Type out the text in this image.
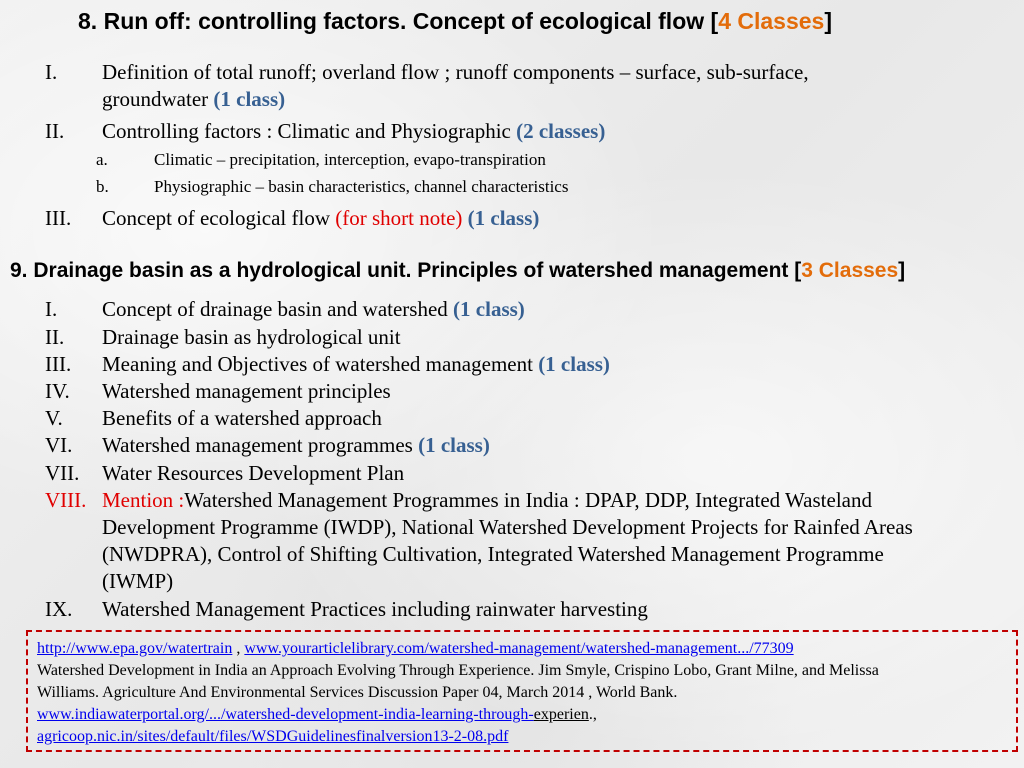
8. Run off: controlling factors. Concept of ecological flow [4 Classes]
I. Definition of total runoff; overland flow ; runoff components – surface, sub-surface,
groundwater (1 class)
II. Controlling factors : Climatic and Physiographic (2 classes)
a.	Climatic – precipitation, interception, evapo-transpiration
b.	Physiographic – basin characteristics, channel characteristics
III. Concept of ecological flow (for short note) (1 class)
9. Drainage basin as a hydrological unit. Principles of watershed management [3 Classes]
I. Concept of drainage basin and watershed (1 class)
II. Drainage basin as hydrological unit
III. Meaning and Objectives of watershed management (1 class)
IV. Watershed management principles
V. Benefits of a watershed approach
VI. Watershed management programmes (1 class)
VII. Water Resources Development Plan
VIII. Mention :Watershed Management Programmes in India : DPAP, DDP, Integrated Wasteland
Development Programme (IWDP), National Watershed Development Projects for Rainfed Areas
(NWDPRA), Control of Shifting Cultivation, Integrated Watershed Management Programme
(IWMP)
IX. Watershed Management Practices including rainwater harvesting
http://www.epa.gov/watertrain , www.yourarticlelibrary.com/watershed-management/watershed-management.../77309
Watershed Development in India an Approach Evolving Through Experience. Jim Smyle, Crispino Lobo, Grant Milne, and Melissa
Williams. Agriculture And Environmental Services Discussion Paper 04, March 2014 , World Bank.
www.indiawaterportal.org/.../watershed-development-india-learning-through-experien.,
agricoop.nic.in/sites/default/files/WSDGuidelinesfinalversion13-2-08.pdf
